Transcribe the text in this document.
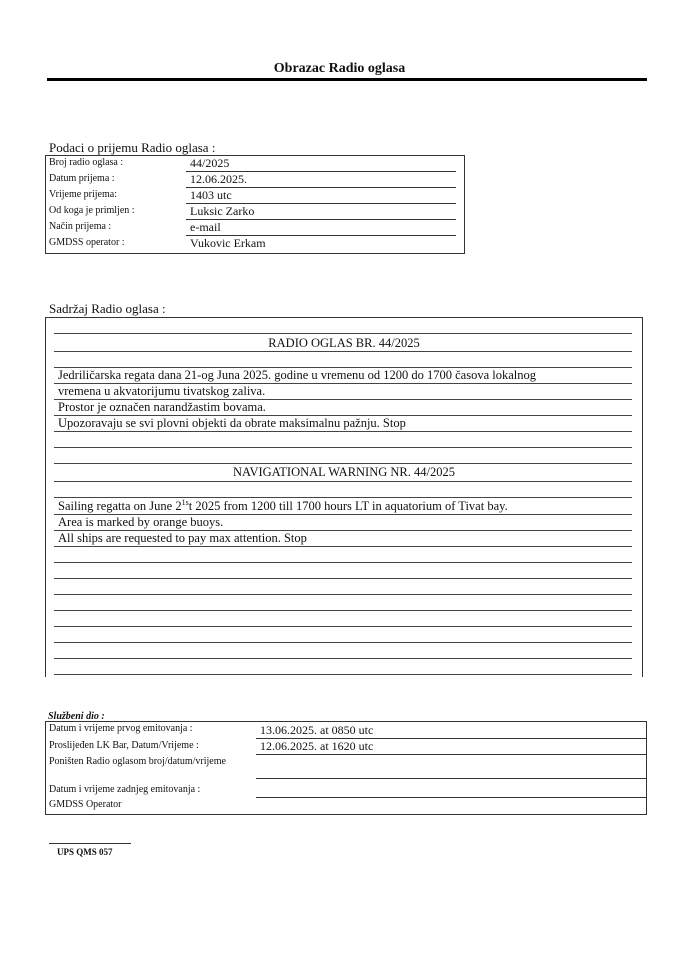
Obrazac Radio oglasa
Podaci o prijemu Radio oglasa :
Broj radio oglasa :	44/2025
Datum prijema :	12.06.2025.
Vrijeme prijema:	1403 utc
Od koga je primljen :	Luksic Zarko
Način prijema :	e-mail
GMDSS operator :	Vukovic Erkam
Sadržaj Radio oglasa :
RADIO OGLAS BR. 44/2025
Jedriličarska regata dana 21-og Juna 2025. godine u vremenu od 1200 do 1700 časova lokalnog
vremena u akvatorijumu tivatskog zaliva.
Prostor je označen narandžastim bovama.
Upozoravaju se svi plovni objekti da obrate maksimalnu pažnju. Stop
NAVIGATIONAL WARNING NR. 44/2025
Sailing regatta on June $2^{1s}t$ 2025 from 1200 till 1700 hours LT in aquatorium of Tivat bay.
Area is marked by orange buoys.
All ships are requested to pay max attention. Stop
Službeni dio :
Datum i vrijeme prvog emitovanja :	13.06.2025. at 0850 utc
Proslijeđen LK Bar, Datum/Vrijeme :	12.06.2025. at 1620 utc
Poništen Radio oglasom broj/datum/vrijeme
Datum i vrijeme zadnjeg emitovanja :
GMDSS Operator
UPS QMS 057
